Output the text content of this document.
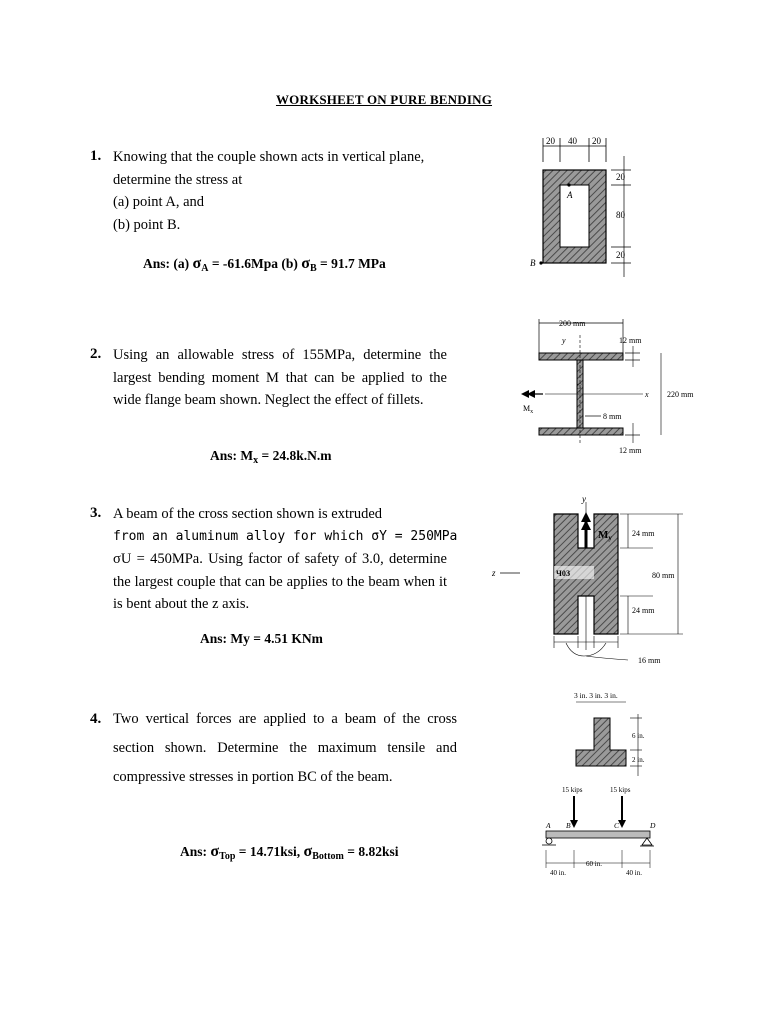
WORKSHEET ON PURE BENDING
1. Knowing that the couple shown acts in vertical plane,
determine the stress at
(a) point A, and
(b) point B.
Ans: (a) $\sigma_A = -61.6Mpa$ (b) $\sigma_B = 91.7$ MPa
20 40 20
A
B
20
80
20
2. Using an allowable stress of 155MPa, determine the largest bending moment M that can be applied to the wide flange beam shown. Neglect the effect of fillets.
Ans: $M_x = 24.8k.N.m$
200 mm
y
x
C
$M_x$	8 mm
12 mm
12 mm
220 mm
3. A beam of the cross section shown is extruded
from an aluminum alloy for which σY = 250MPa
σU = 450MPa. Using factor of safety of 3.0, determine the largest couple that can be applies to the beam when it is bent about the z axis.
Ans: My = 4.51 KNm
y
z	Ч0З
My	24 mm
80 mm
24 mm
16 mm
4. Two vertical forces are applied to a beam of the cross section shown. Determine the maximum tensile and compressive stresses in portion BC of the beam.
Ans: $\sigma_{Top} = 14.71ksi$, $\sigma_{Bottom} = 8.82ksi$
3 in. 3 in. 3 in.
6 in.
2 in.
15 kips	15 kips
A B	C	D
60 in.
40 in.	40 in.
